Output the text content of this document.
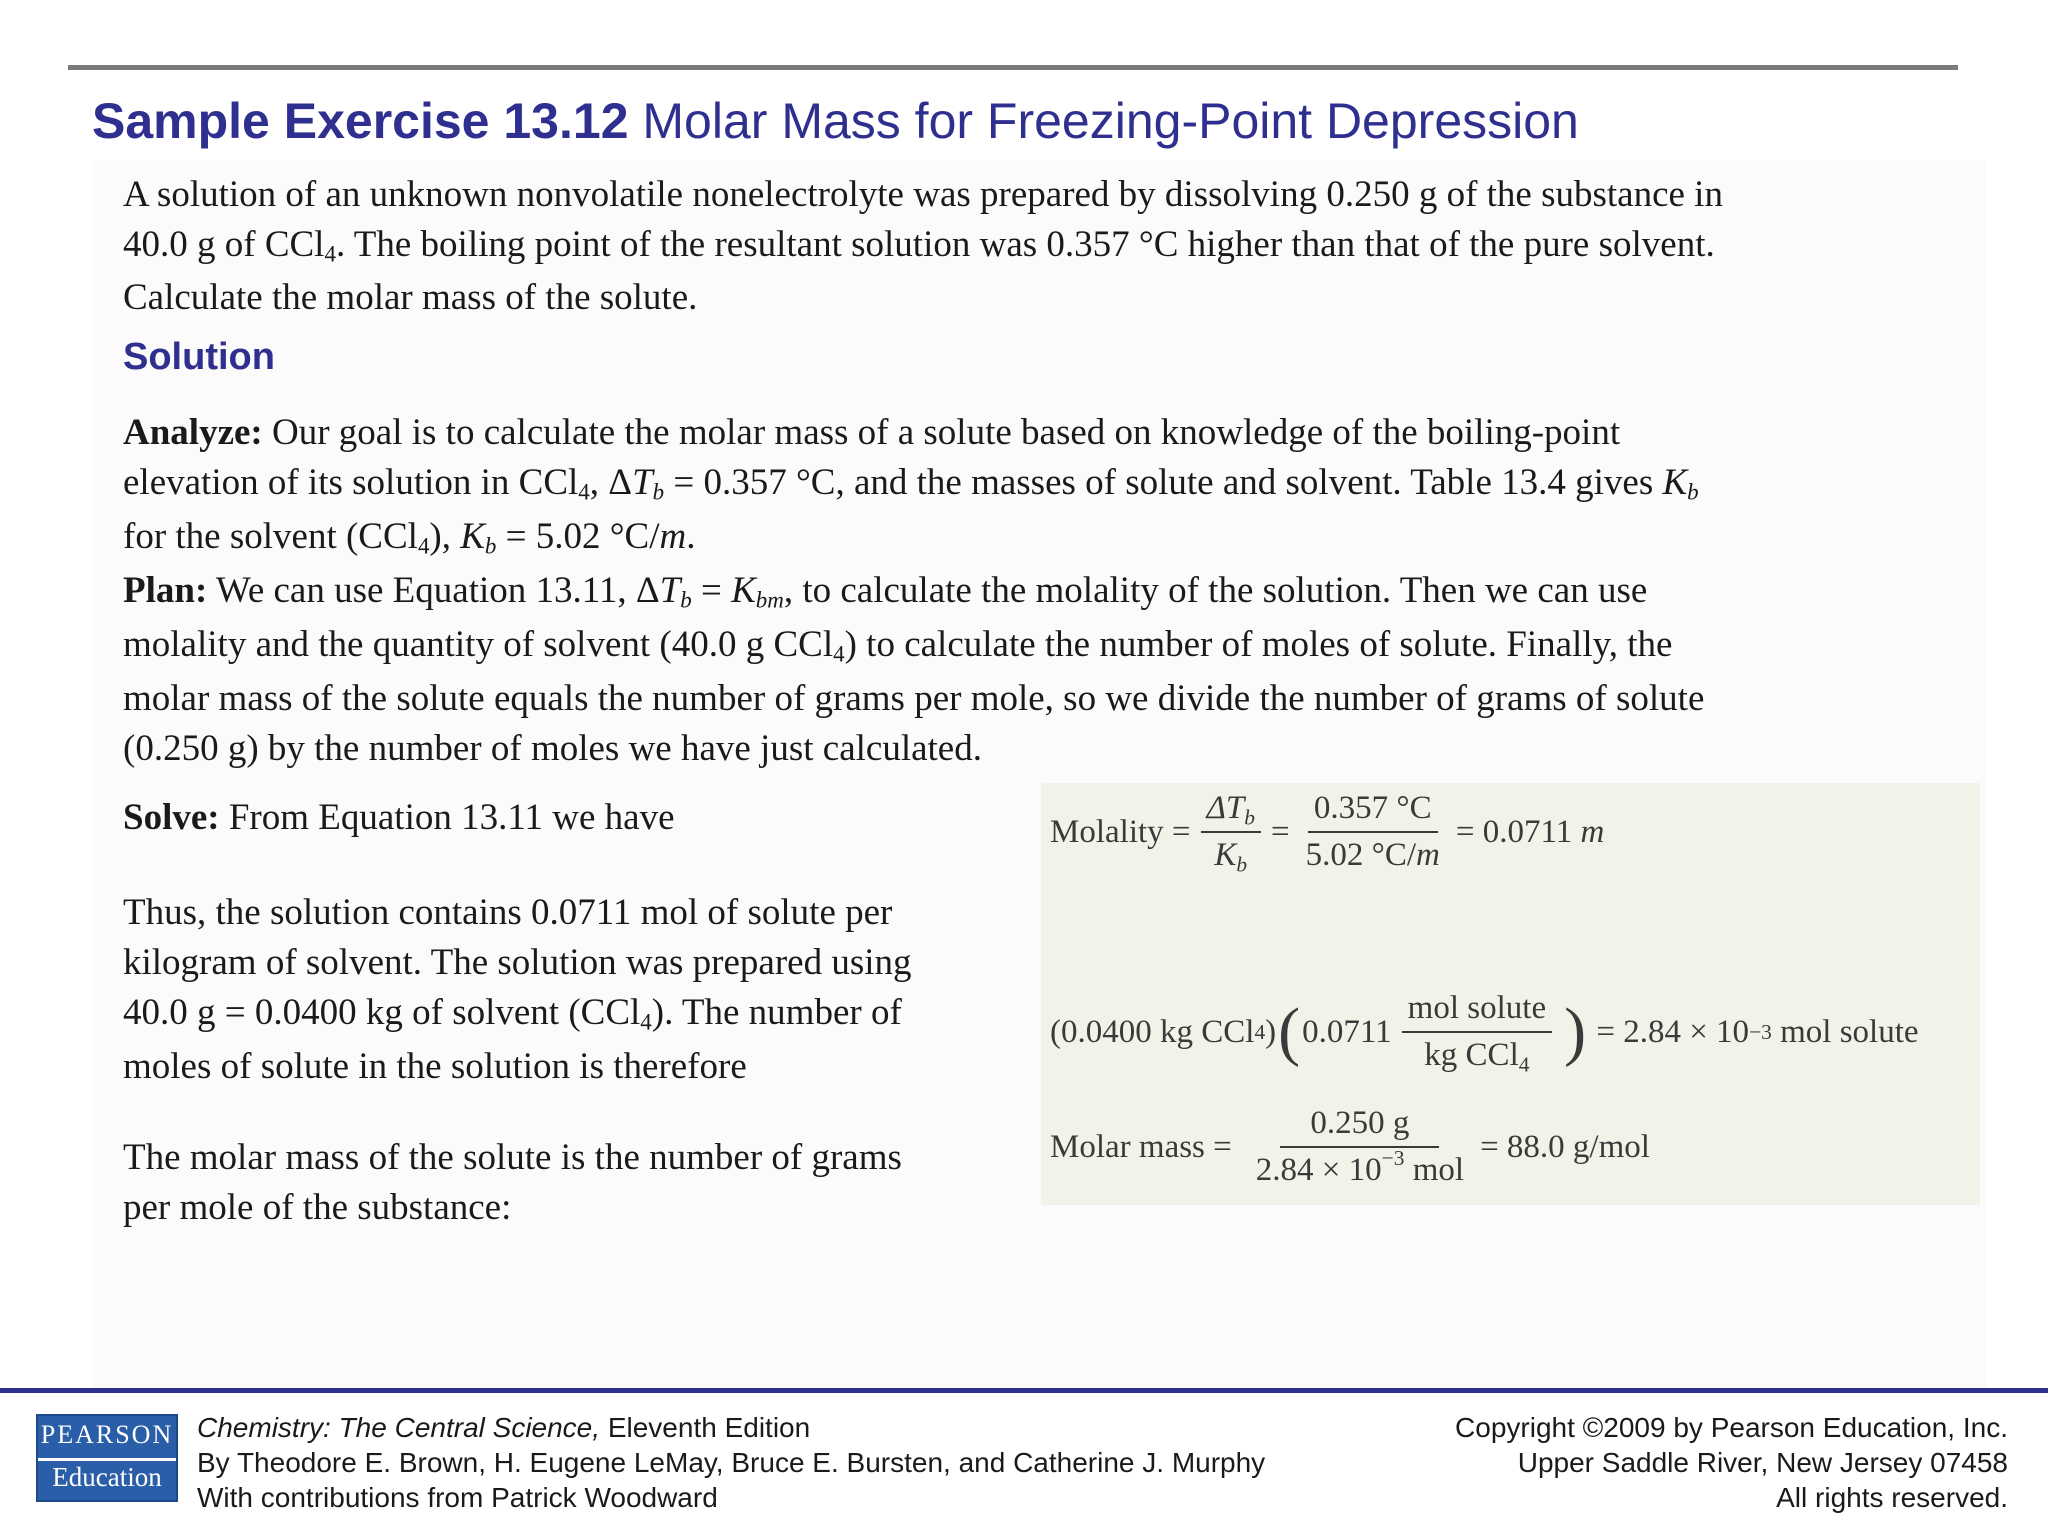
Sample Exercise 13.12 Molar Mass for Freezing-Point Depression
A solution of an unknown nonvolatile nonelectrolyte was prepared by dissolving 0.250 g of the substance in
40.0 g of CCl$_4$. The boiling point of the resultant solution was 0.357 °C higher than that of the pure solvent.
Calculate the molar mass of the solute.
Solution
Analyze: Our goal is to calculate the molar mass of a solute based on knowledge of the boiling-point
elevation of its solution in CCl$_4$, $\Delta T_b = 0.357$ °C, and the masses of solute and solvent. Table 13.4 gives $K_b$
for the solvent (CCl$_4$), $K_b = 5.02$ °C/m.
Plan: We can use Equation 13.11, $\Delta T_b = K_{bm}$, to calculate the molality of the solution. Then we can use
molality and the quantity of solvent (40.0 g CCl$_4$) to calculate the number of moles of solute. Finally, the
molar mass of the solute equals the number of grams per mole, so we divide the number of grams of solute
(0.250 g) by the number of moles we have just calculated.
Solve: From Equation 13.11 we have
Thus, the solution contains 0.0711 mol of solute per
kilogram of solvent. The solution was prepared using
40.0 g = 0.0400 kg of solvent (CCl$_4$). The number of
moles of solute in the solution is therefore
The molar mass of the solute is the number of grams
per mole of the substance:
Molality
= $\frac{\Delta T_b}{K_b} = \frac{0.357 ^\circ C}{5.02 ^\circ C/m}$ =
0.0711
m
(0.0400 kg CCl 4 ) ( $0.0711 \frac{\text{mol solute}}{kg CCl_4}$ )
= 2.84 × 10 −3
mol solute
Molar mass
= $\frac{0.250 g}{2.84 \times 10^{-3} mol} = 88.0$ g/mol
PEARSON
Education
Chemistry: The Central Science, Eleventh Edition
By Theodore E. Brown, H. Eugene LeMay, Bruce E. Bursten, and Catherine J. Murphy
With contributions from Patrick Woodward
Copyright ©2009 by Pearson Education, Inc.
Upper Saddle River, New Jersey 07458
All rights reserved.
